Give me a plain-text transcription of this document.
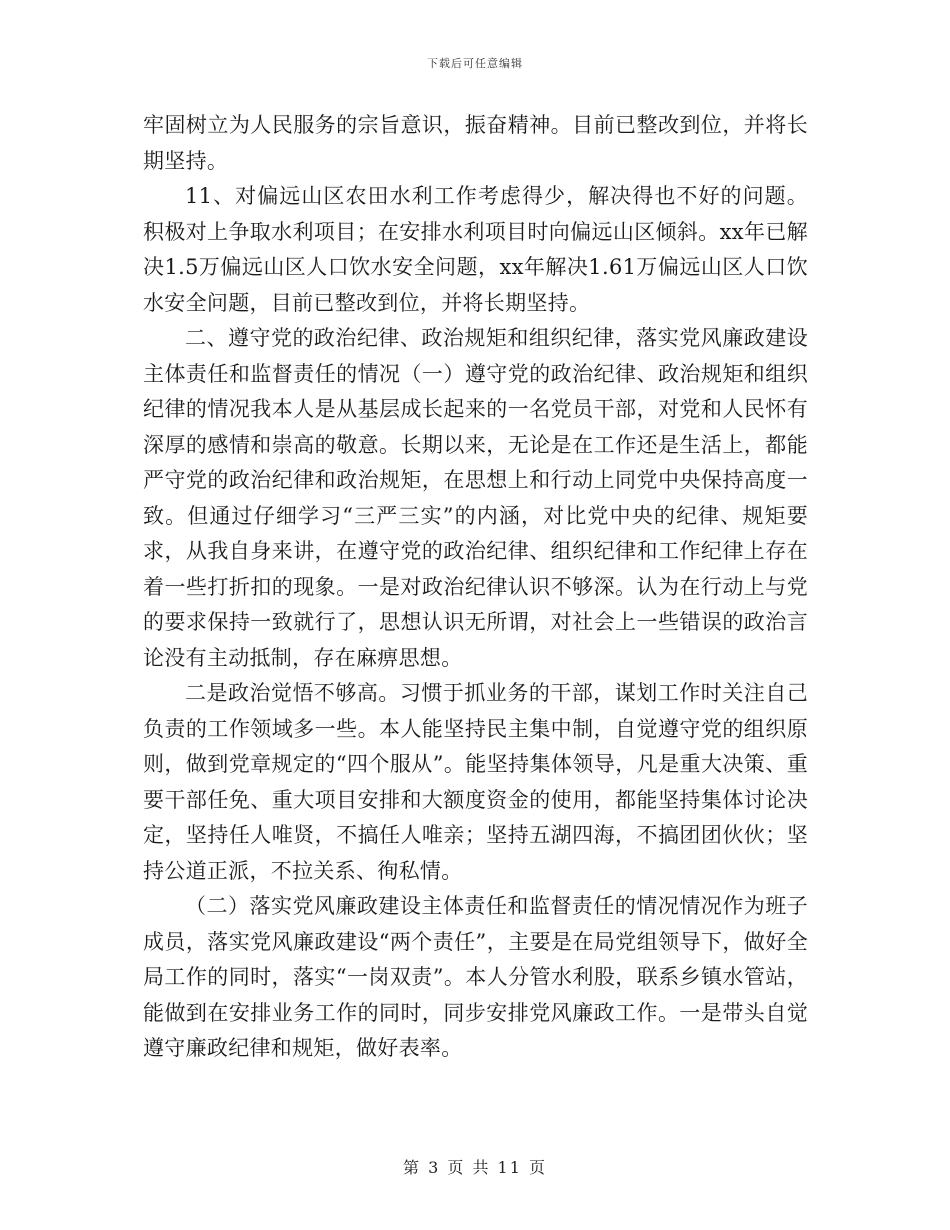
下载后可任意编辑

牢固树立为人民服务的宗旨意识，振奋精神。目前已整改到位，并将长期坚持。

11、对偏远山区农田水利工作考虑得少，解决得也不好的问题。积极对上争取水利项目；在安排水利项目时向偏远山区倾斜。xx年已解决1.5万偏远山区人口饮水安全问题，xx年解决1.61万偏远山区人口饮水安全问题，目前已整改到位，并将长期坚持。

二、遵守党的政治纪律、政治规矩和组织纪律，落实党风廉政建设主体责任和监督责任的情况（一）遵守党的政治纪律、政治规矩和组织纪律的情况我本人是从基层成长起来的一名党员干部，对党和人民怀有深厚的感情和崇高的敬意。长期以来，无论是在工作还是生活上，都能严守党的政治纪律和政治规矩，在思想上和行动上同党中央保持高度一致。但通过仔细学习“三严三实”的内涵，对比党中央的纪律、规矩要求，从我自身来讲，在遵守党的政治纪律、组织纪律和工作纪律上存在着一些打折扣的现象。一是对政治纪律认识不够深。认为在行动上与党的要求保持一致就行了，思想认识无所谓，对社会上一些错误的政治言论没有主动抵制，存在麻痹思想。

二是政治觉悟不够高。习惯于抓业务的干部，谋划工作时关注自己负责的工作领域多一些。本人能坚持民主集中制，自觉遵守党的组织原则，做到党章规定的“四个服从”。能坚持集体领导，凡是重大决策、重要干部任免、重大项目安排和大额度资金的使用，都能坚持集体讨论决定，坚持任人唯贤，不搞任人唯亲；坚持五湖四海，不搞团团伙伙；坚持公道正派，不拉关系、徇私情。

（二）落实党风廉政建设主体责任和监督责任的情况情况作为班子成员，落实党风廉政建设“两个责任”，主要是在局党组领导下，做好全局工作的同时，落实“一岗双责”。本人分管水利股，联系乡镇水管站，能做到在安排业务工作的同时，同步安排党风廉政工作。一是带头自觉遵守廉政纪律和规矩，做好表率。

第 3 页 共 11 页
